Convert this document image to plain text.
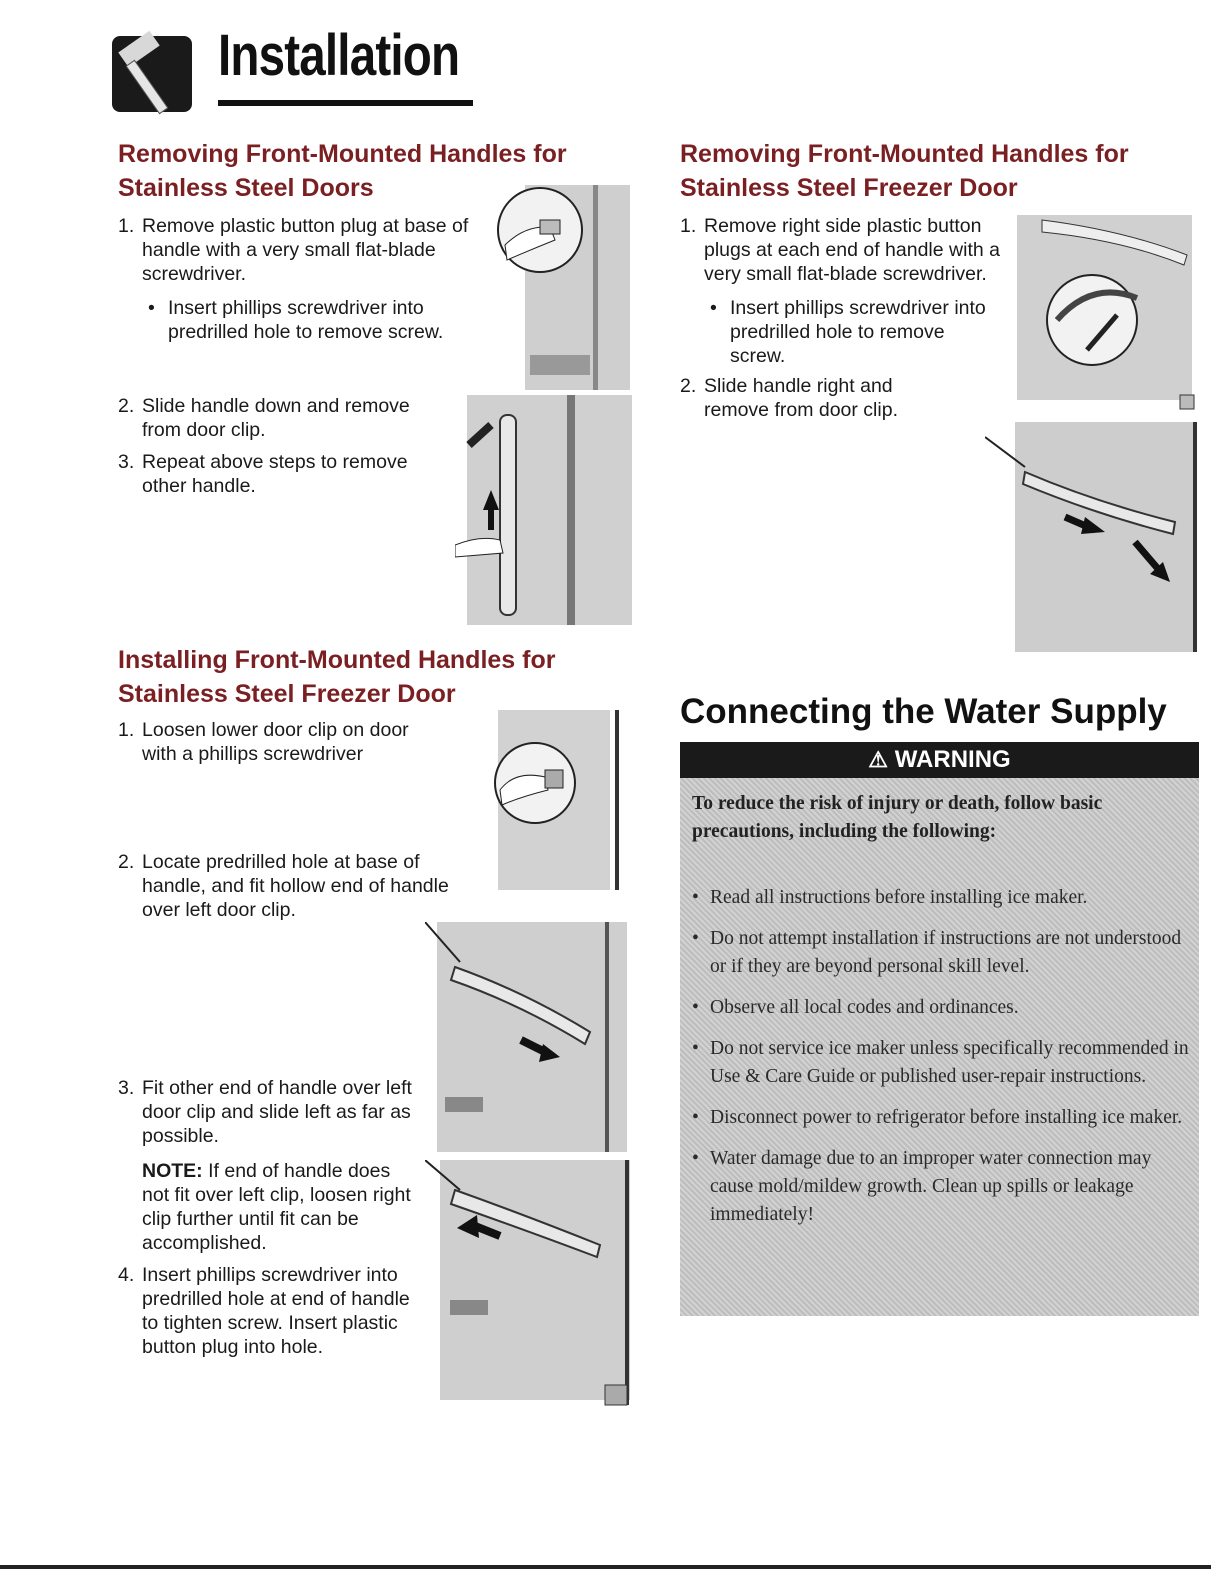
Installation
Removing Front-Mounted Handles for
Stainless Steel Doors
1. Remove plastic button plug at base of handle with a very small flat-blade screwdriver.
• Insert phillips screwdriver into predrilled hole to remove screw.
2. Slide handle down and remove from door clip.
3. Repeat above steps to remove other handle.
Removing Front-Mounted Handles for
Stainless Steel Freezer Door
1. Remove right side plastic button plugs at each end of handle with a very small flat-blade screwdriver.
• Insert phillips screwdriver into predrilled hole to remove screw.
2. Slide handle right and remove from door clip.
Installing Front-Mounted Handles for
Stainless Steel Freezer Door
1. Loosen lower door clip on door with a phillips screwdriver
2. Locate predrilled hole at base of handle, and fit hollow end of handle over left door clip.
3. Fit other end of handle over left door clip and slide left as far as possible.
NOTE: If end of handle does not fit over left clip, loosen right clip further until fit can be accomplished.
4. Insert phillips screwdriver into predrilled hole at end of handle to tighten screw. Insert plastic button plug into hole.
Connecting the Water Supply
⚠ WARNING
To reduce the risk of injury or death, follow basic precautions, including the following:
• Read all instructions before installing ice maker.
• Do not attempt installation if instructions are not understood or if they are beyond personal skill level.
• Observe all local codes and ordinances.
• Do not service ice maker unless specifically recommended in Use & Care Guide or published user-repair instructions.
• Disconnect power to refrigerator before installing ice maker.
• Water damage due to an improper water connection may cause mold/mildew growth. Clean up spills or leakage immediately!
